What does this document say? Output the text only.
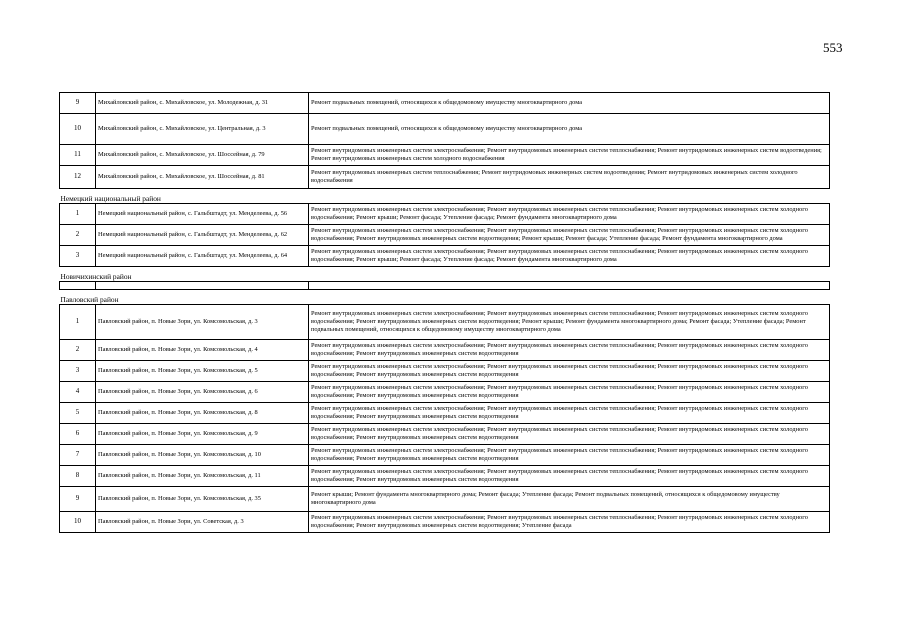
553
9	Михайловский район, с. Михайловское, ул. Молодежная, д. 31	Ремонт подвальных помещений, относящихся к общедомовому имуществу многоквартирного дома
10	Михайловский район, с. Михайловское, ул. Центральная, д. 3	Ремонт подвальных помещений, относящихся к общедомовому имуществу многоквартирного дома
11	Михайловский район, с. Михайловское, ул. Шоссейная, д. 79	Ремонт внутридомовых инженерных систем электроснабжения; Ремонт внутридомовых инженерных систем теплоснабжения; Ремонт внутридомовых инженерных систем водоотведения; Ремонт внутридомовых инженерных систем холодного водоснабжения
12	Михайловский район, с. Михайловское, ул. Шоссейная, д. 81	Ремонт внутридомовых инженерных систем теплоснабжения; Ремонт внутридомовых инженерных систем водоотведения; Ремонт внутридомовых инженерных систем холодного водоснабжения
Немецкий национальный район		
1	Немецкий национальный район, с. Гальбштадт, ул. Менделеева, д. 56	Ремонт внутридомовых инженерных систем электроснабжения; Ремонт внутридомовых инженерных систем теплоснабжения; Ремонт внутридомовых инженерных систем холодного водоснабжения; Ремонт крыши; Ремонт фасада; Утепление фасада; Ремонт фундамента многоквартирного дома
2	Немецкий национальный район, с. Гальбштадт, ул. Менделеева, д. 62	Ремонт внутридомовых инженерных систем электроснабжения; Ремонт внутридомовых инженерных систем теплоснабжения; Ремонт внутридомовых инженерных систем холодного водоснабжения; Ремонт внутридомовых инженерных систем водоотведения; Ремонт крыши; Ремонт фасада; Утепление фасада; Ремонт фундамента многоквартирного дома
3	Немецкий национальный район, с. Гальбштадт, ул. Менделеева, д. 64	Ремонт внутридомовых инженерных систем электроснабжения; Ремонт внутридомовых инженерных систем теплоснабжения; Ремонт внутридомовых инженерных систем холодного водоснабжения; Ремонт крыши; Ремонт фасада; Утепление фасада; Ремонт фундамента многоквартирного дома
Новичихинский район		

Павловский район		
1	Павловский район, п. Новые Зори, ул. Комсомольская, д. 3	Ремонт внутридомовых инженерных систем электроснабжения; Ремонт внутридомовых инженерных систем теплоснабжения; Ремонт внутридомовых инженерных систем холодного водоснабжения; Ремонт внутридомовых инженерных систем водоотведения; Ремонт крыши; Ремонт фундамента многоквартирного дома; Ремонт фасада; Утепление фасада; Ремонт подвальных помещений, относящихся к общедомовому имуществу многоквартирного дома
2	Павловский район, п. Новые Зори, ул. Комсомольская, д. 4	Ремонт внутридомовых инженерных систем электроснабжения; Ремонт внутридомовых инженерных систем теплоснабжения; Ремонт внутридомовых инженерных систем холодного водоснабжения; Ремонт внутридомовых инженерных систем водоотведения
3	Павловский район, п. Новые Зори, ул. Комсомольская, д. 5	Ремонт внутридомовых инженерных систем электроснабжения; Ремонт внутридомовых инженерных систем теплоснабжения; Ремонт внутридомовых инженерных систем холодного водоснабжения; Ремонт внутридомовых инженерных систем водоотведения
4	Павловский район, п. Новые Зори, ул. Комсомольская, д. 6	Ремонт внутридомовых инженерных систем электроснабжения; Ремонт внутридомовых инженерных систем теплоснабжения; Ремонт внутридомовых инженерных систем холодного водоснабжения; Ремонт внутридомовых инженерных систем водоотведения
5	Павловский район, п. Новые Зори, ул. Комсомольская, д. 8	Ремонт внутридомовых инженерных систем электроснабжения; Ремонт внутридомовых инженерных систем теплоснабжения; Ремонт внутридомовых инженерных систем холодного водоснабжения; Ремонт внутридомовых инженерных систем водоотведения
6	Павловский район, п. Новые Зори, ул. Комсомольская, д. 9	Ремонт внутридомовых инженерных систем электроснабжения; Ремонт внутридомовых инженерных систем теплоснабжения; Ремонт внутридомовых инженерных систем холодного водоснабжения; Ремонт внутридомовых инженерных систем водоотведения
7	Павловский район, п. Новые Зори, ул. Комсомольская, д. 10	Ремонт внутридомовых инженерных систем электроснабжения; Ремонт внутридомовых инженерных систем теплоснабжения; Ремонт внутридомовых инженерных систем холодного водоснабжения; Ремонт внутридомовых инженерных систем водоотведения
8	Павловский район, п. Новые Зори, ул. Комсомольская, д. 11	Ремонт внутридомовых инженерных систем электроснабжения; Ремонт внутридомовых инженерных систем теплоснабжения; Ремонт внутридомовых инженерных систем холодного водоснабжения; Ремонт внутридомовых инженерных систем водоотведения
9	Павловский район, п. Новые Зори, ул. Комсомольская, д. 35	Ремонт крыши; Ремонт фундамента многоквартирного дома; Ремонт фасада; Утепление фасада; Ремонт подвальных помещений, относящихся к общедомовому имуществу многоквартирного дома
10	Павловский район, п. Новые Зори, ул. Советская, д. 3	Ремонт внутридомовых инженерных систем электроснабжения; Ремонт внутридомовых инженерных систем теплоснабжения; Ремонт внутридомовых инженерных систем холодного водоснабжения; Ремонт внутридомовых инженерных систем водоотведения; Утепление фасада
